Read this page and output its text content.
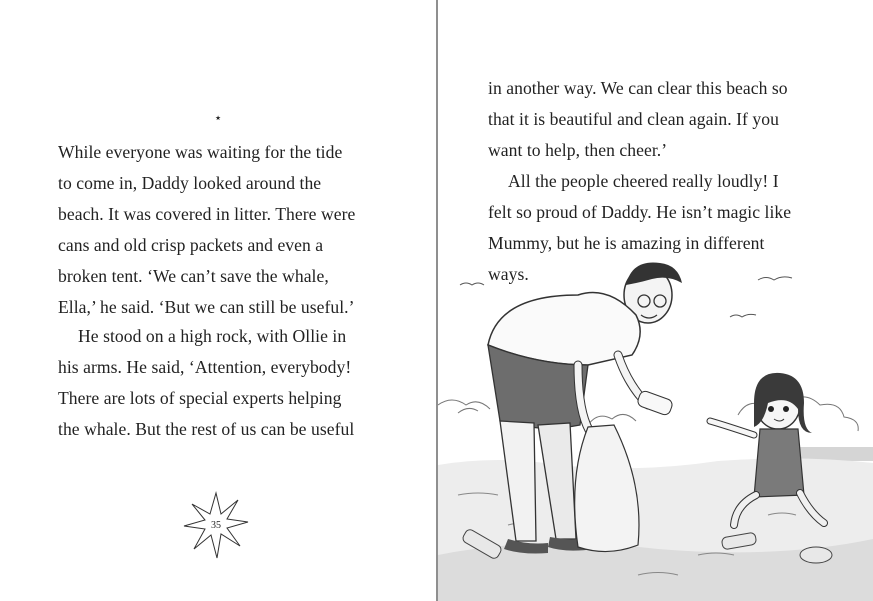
⋆

While everyone was waiting for the tide
to come in, Daddy looked around the
beach. It was covered in litter. There were
cans and old crisp packets and even a
broken tent. ‘We can’t save the whale,
Ella,’ he said. ‘But we can still be useful.’

He stood on a high rock, with Ollie in
his arms. He said, ‘Attention, everybody!
There are lots of special experts helping
the whale. But the rest of us can be useful

35

in another way. We can clear this beach so
that it is beautiful and clean again. If you
want to help, then cheer.’

All the people cheered really loudly! I
felt so proud of Daddy. He isn’t magic like
Mummy, but he is amazing in different
ways.
